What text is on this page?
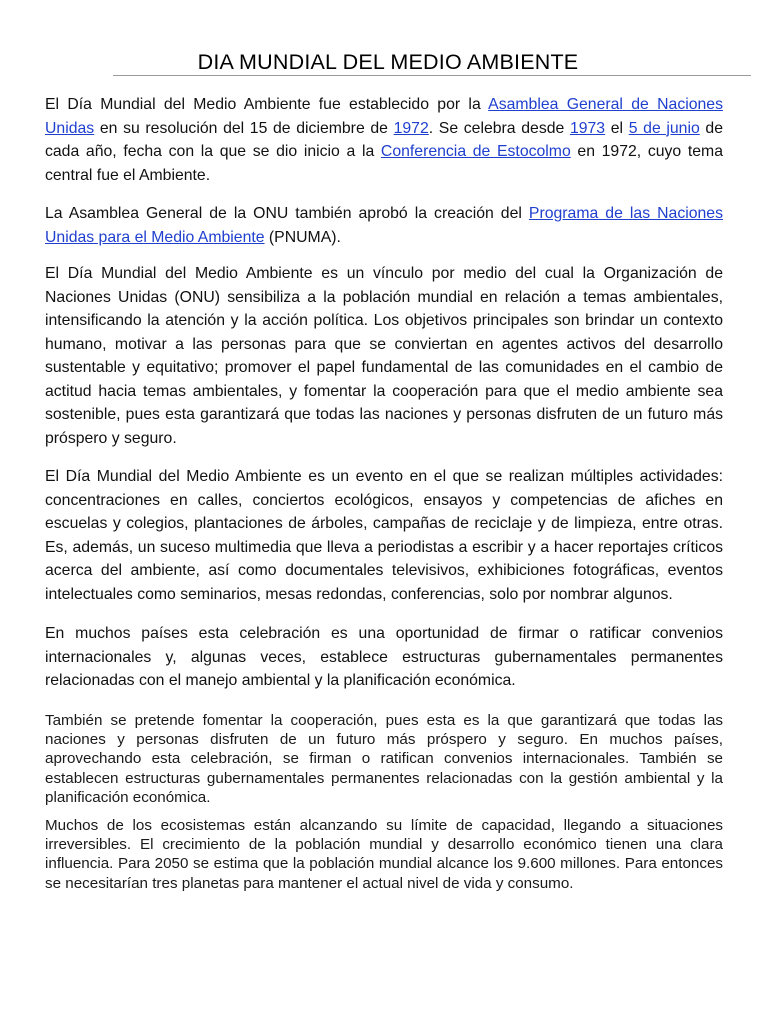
DIA MUNDIAL DEL MEDIO AMBIENTE

El Día Mundial del Medio Ambiente fue establecido por la Asamblea General de Naciones Unidas en su resolución del 15 de diciembre de 1972. Se celebra desde 1973 el 5 de junio de cada año, fecha con la que se dio inicio a la Conferencia de Estocolmo en 1972, cuyo tema central fue el Ambiente.

La Asamblea General de la ONU también aprobó la creación del Programa de las Naciones Unidas para el Medio Ambiente (PNUMA).

El Día Mundial del Medio Ambiente es un vínculo por medio del cual la Organización de Naciones Unidas (ONU) sensibiliza a la población mundial en relación a temas ambientales, intensificando la atención y la acción política. Los objetivos principales son brindar un contexto humano, motivar a las personas para que se conviertan en agentes activos del desarrollo sustentable y equitativo; promover el papel fundamental de las comunidades en el cambio de actitud hacia temas ambientales, y fomentar la cooperación para que el medio ambiente sea sostenible, pues esta garantizará que todas las naciones y personas disfruten de un futuro más próspero y seguro.

El Día Mundial del Medio Ambiente es un evento en el que se realizan múltiples actividades: concentraciones en calles, conciertos ecológicos, ensayos y competencias de afiches en escuelas y colegios, plantaciones de árboles, campañas de reciclaje y de limpieza, entre otras. Es, además, un suceso multimedia que lleva a periodistas a escribir y a hacer reportajes críticos acerca del ambiente, así como documentales televisivos, exhibiciones fotográficas, eventos intelectuales como seminarios, mesas redondas, conferencias, solo por nombrar algunos.

En muchos países esta celebración es una oportunidad de firmar o ratificar convenios internacionales y, algunas veces, establece estructuras gubernamentales permanentes relacionadas con el manejo ambiental y la planificación económica.

También se pretende fomentar la cooperación, pues esta es la que garantizará que todas las naciones y personas disfruten de un futuro más próspero y seguro. En muchos países, aprovechando esta celebración, se firman o ratifican convenios internacionales. También se establecen estructuras gubernamentales permanentes relacionadas con la gestión ambiental y la planificación económica.

Muchos de los ecosistemas están alcanzando su límite de capacidad, llegando a situaciones irreversibles. El crecimiento de la población mundial y desarrollo económico tienen una clara influencia. Para 2050 se estima que la población mundial alcance los 9.600 millones. Para entonces se necesitarían tres planetas para mantener el actual nivel de vida y consumo.
